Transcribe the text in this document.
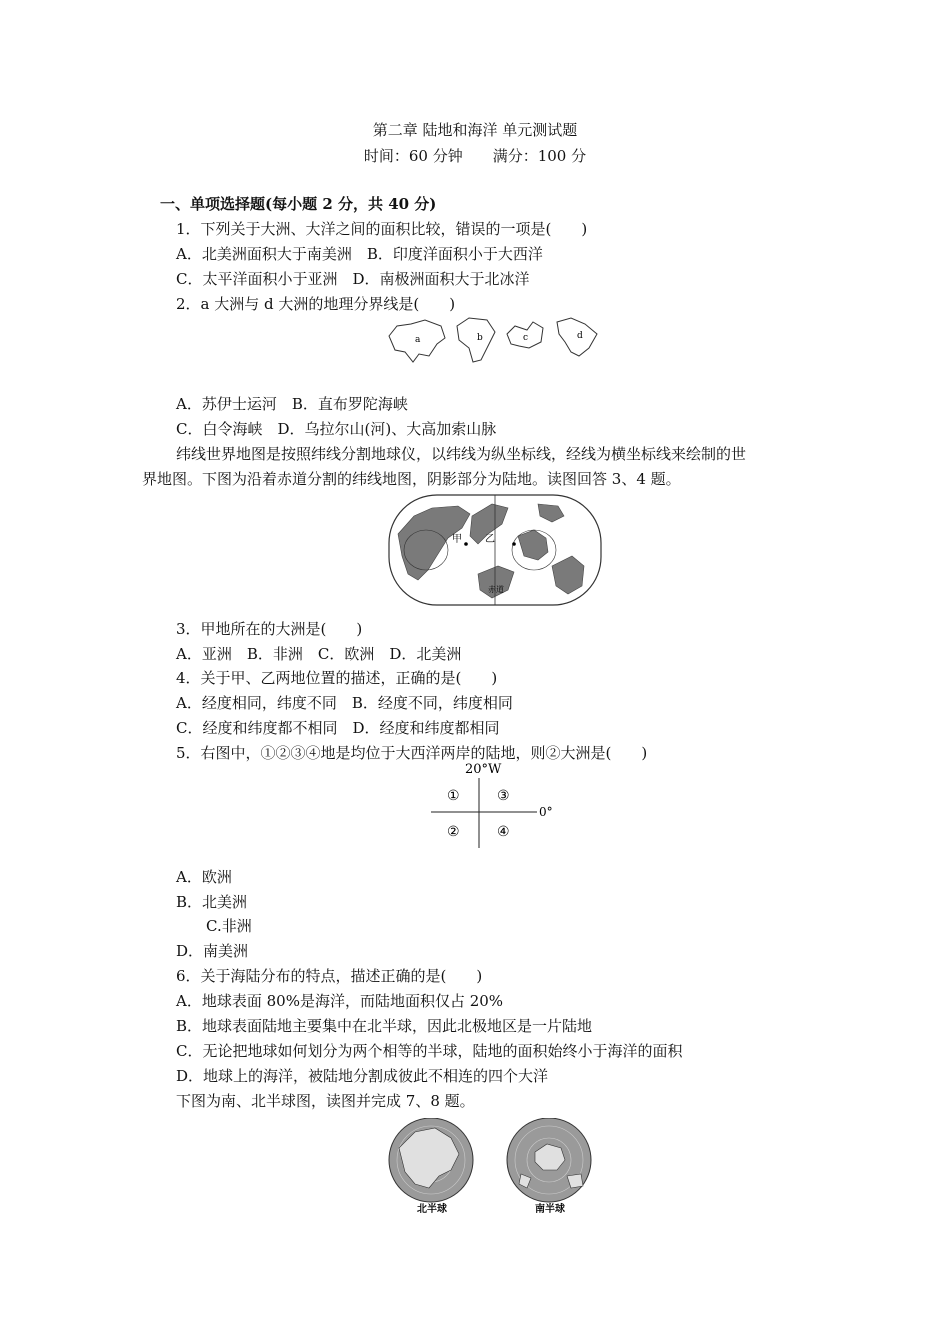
第二章 陆地和海洋 单元测试题
时间：60 分钟　　满分：100 分
一、单项选择题(每小题 2 分，共 40 分)
1．下列关于大洲、大洋之间的面积比较，错误的一项是(　　)
A．北美洲面积大于南美洲　B．印度洋面积小于大西洋
C．太平洋面积小于亚洲　D．南极洲面积大于北冰洋
2．a 大洲与 d 大洲的地理分界线是(　　)
a	b	c	d
A．苏伊士运河　B．直布罗陀海峡
C．白令海峡　D．乌拉尔山(河)、大高加索山脉
纬线世界地图是按照纬线分割地球仪，以纬线为纵坐标线，经线为横坐标线来绘制的世
界地图。下图为沿着赤道分割的纬线地图，阴影部分为陆地。读图回答 3、4 题。
甲 乙
赤道
3．甲地所在的大洲是(　　)
A．亚洲　B．非洲　C．欧洲　D．北美洲
4．关于甲、乙两地位置的描述，正确的是(　　)
A．经度相同，纬度不同　B．经度不同，纬度相同
C．经度和纬度都不相同　D．经度和纬度都相同
5．右图中，①②③④地是均位于大西洋两岸的陆地，则②大洲是(　　)
20°W
0°
①	③
②	④
A．欧洲
B．北美洲
C.非洲
D．南美洲
6．关于海陆分布的特点，描述正确的是(　　)
A．地球表面 80%是海洋，而陆地面积仅占 20%
B．地球表面陆地主要集中在北半球，因此北极地区是一片陆地
C．无论把地球如何划分为两个相等的半球，陆地的面积始终小于海洋的面积
D．地球上的海洋，被陆地分割成彼此不相连的四个大洋
下图为南、北半球图，读图并完成 7、8 题。
北半球	南半球
